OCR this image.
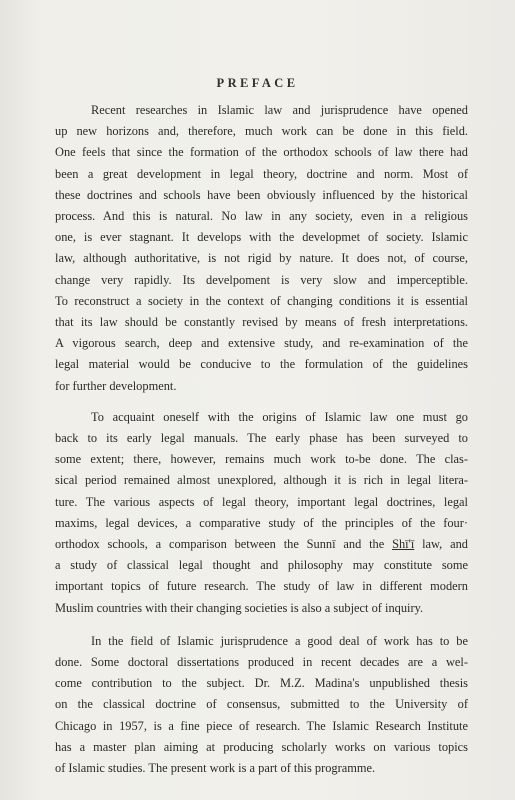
PREFACE
Recent researches in Islamic law and jurisprudence have opened
up new horizons and, therefore, much work can be done in this field.
One feels that since the formation of the orthodox schools of law there had
been a great development in legal theory, doctrine and norm. Most of
these doctrines and schools have been obviously influenced by the historical
process. And this is natural. No law in any society, even in a religious
one, is ever stagnant. It develops with the developmet of society. Islamic
law, although authoritative, is not rigid by nature. It does not, of course,
change very rapidly. Its develpoment is very slow and imperceptible.
To reconstruct a society in the context of changing conditions it is essential
that its law should be constantly revised by means of fresh interpretations.
A vigorous search, deep and extensive study, and re-examination of the
legal material would be conducive to the formulation of the guidelines
for further development.
To acquaint oneself with the origins of Islamic law one must go
back to its early legal manuals. The early phase has been surveyed to
some extent; there, however, remains much work to-be done. The clas-
sical period remained almost unexplored, although it is rich in legal litera-
ture. The various aspects of legal theory, important legal doctrines, legal
maxims, legal devices, a comparative study of the principles of the four·
orthodox schools, a comparison between the Sunnī and the Shī'ī law, and
a study of classical legal thought and philosophy may constitute some
important topics of future research. The study of law in different modern
Muslim countries with their changing societies is also a subject of inquiry.
In the field of Islamic jurisprudence a good deal of work has to be
done. Some doctoral dissertations produced in recent decades are a wel-
come contribution to the subject. Dr. M.Z. Madina's unpublished thesis
on the classical doctrine of consensus, submitted to the University of
Chicago in 1957, is a fine piece of research. The Islamic Research Institute
has a master plan aiming at producing scholarly works on various topics
of Islamic studies. The present work is a part of this programme.
